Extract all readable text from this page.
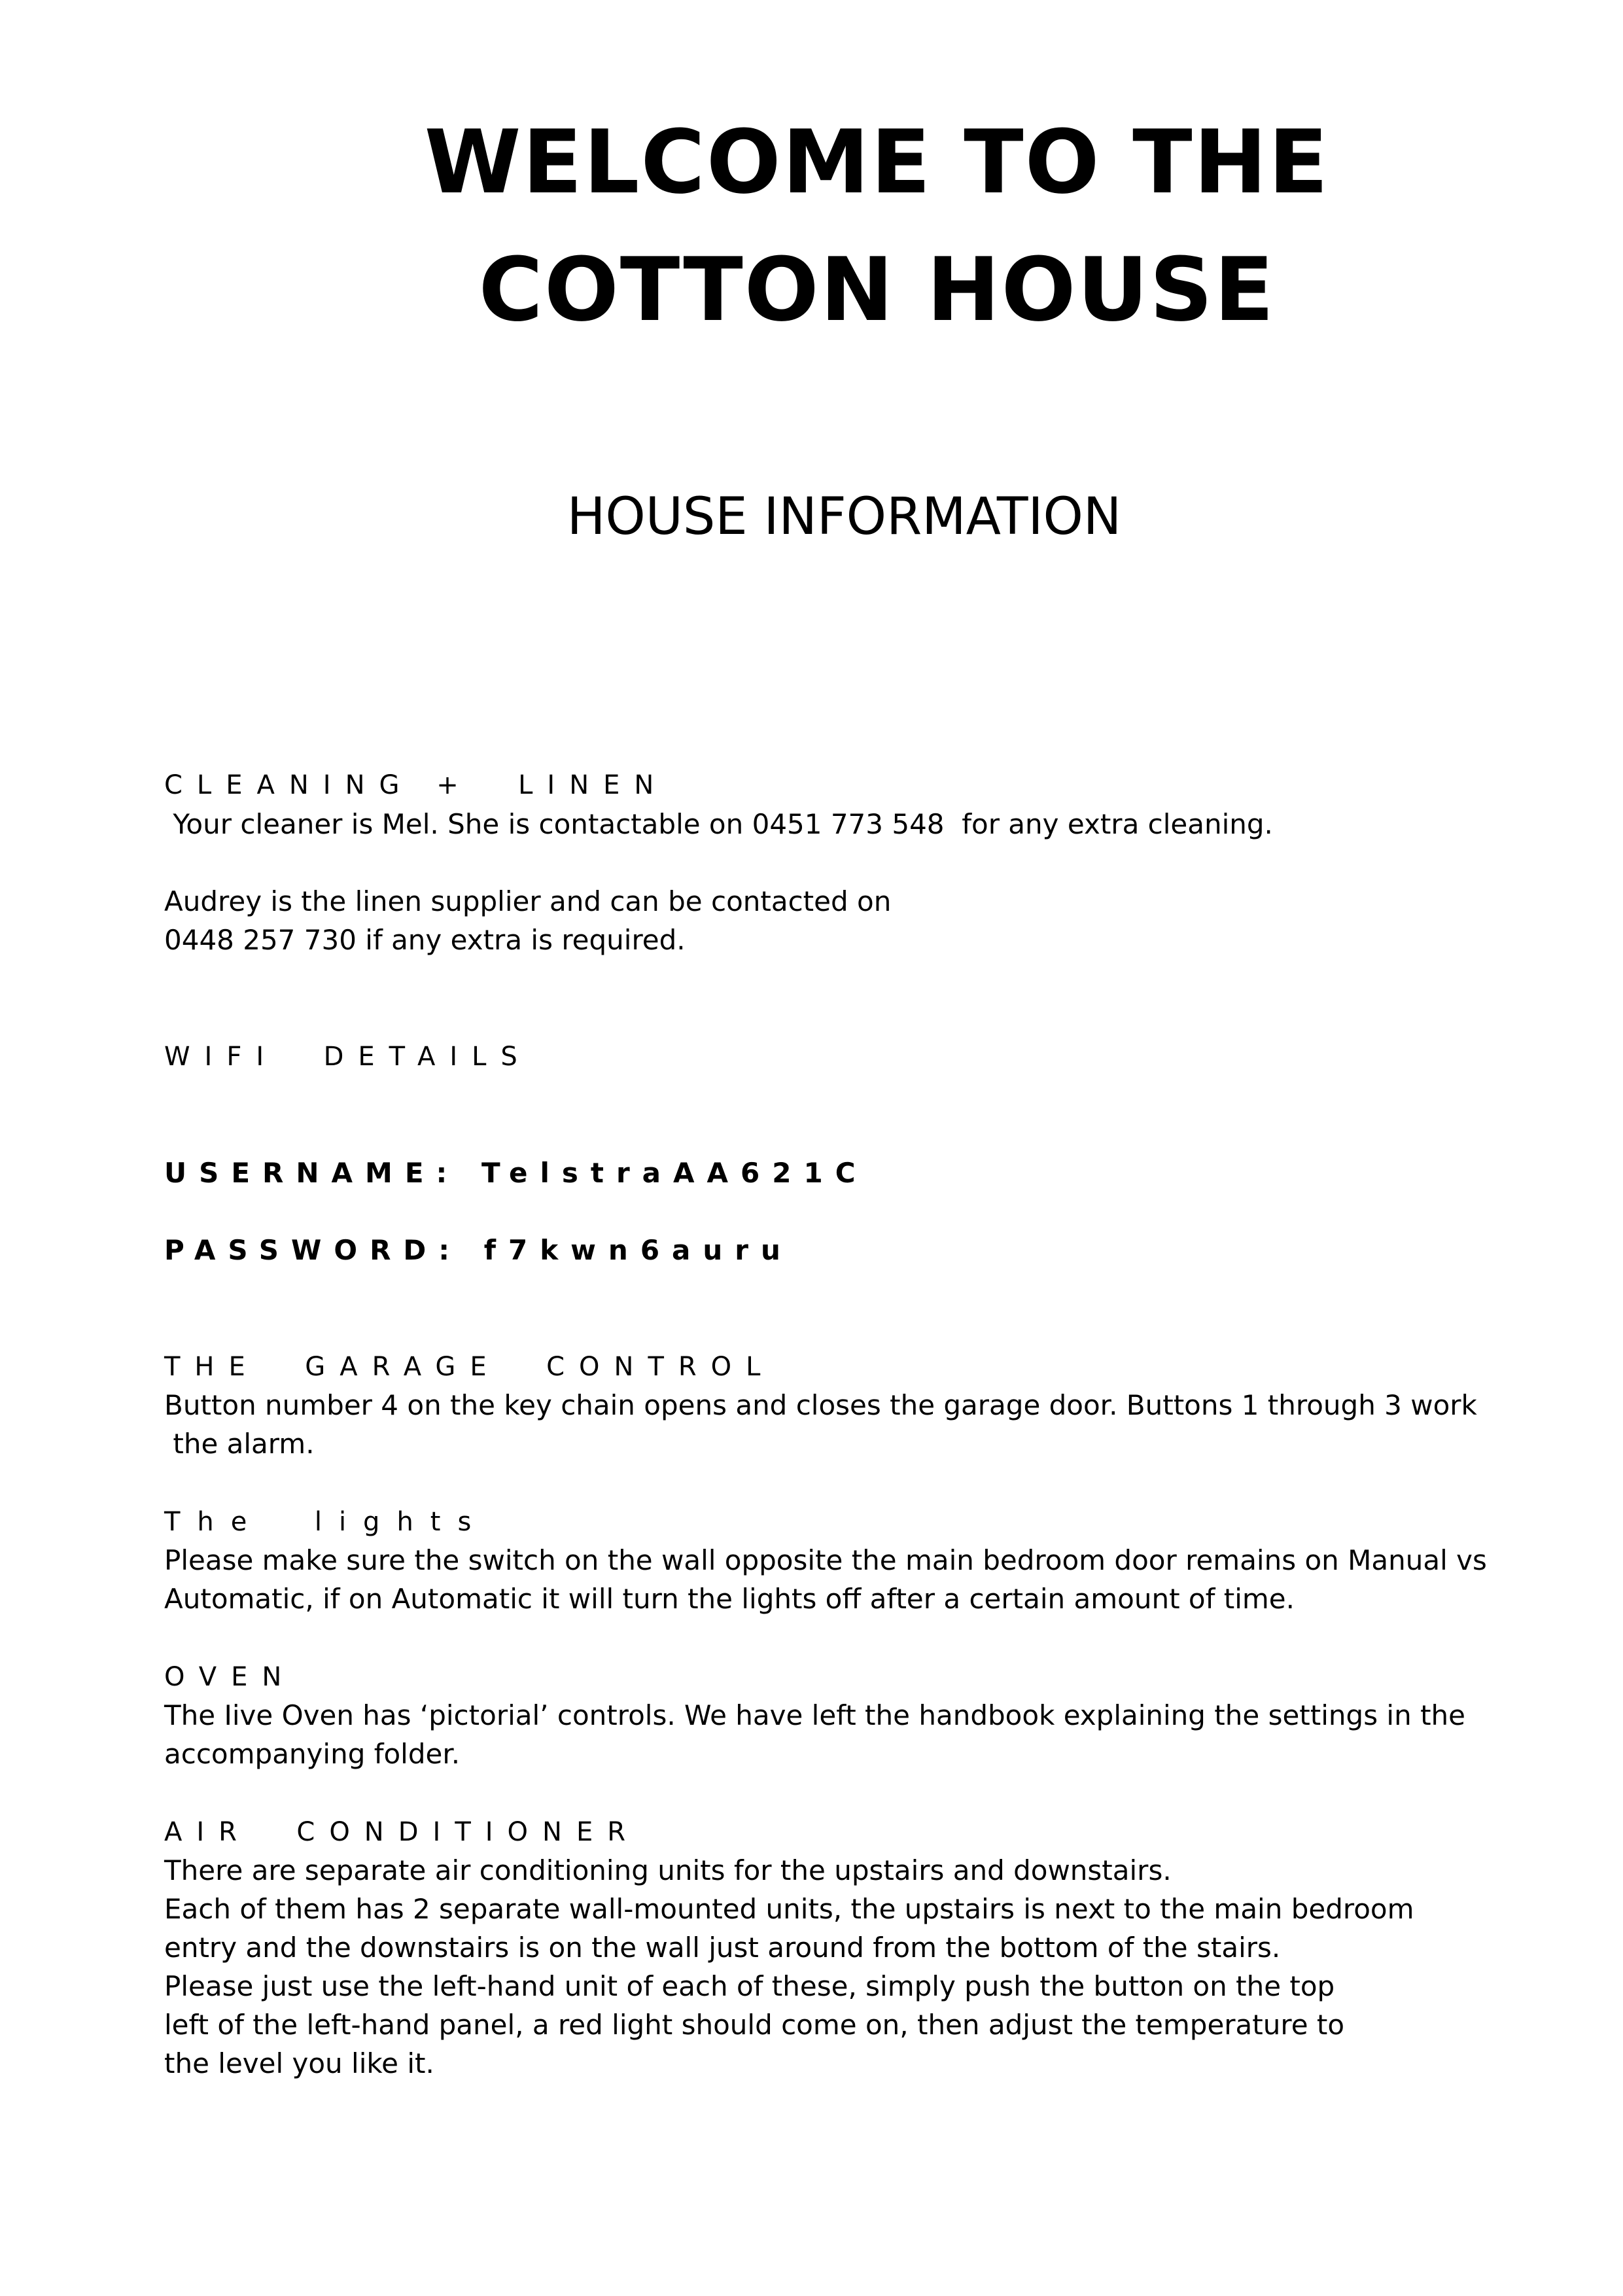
WELCOME TO THE
COTTON HOUSE
HOUSE INFORMATION
CLEANING +  LINEN
Your cleaner is Mel. She is contactable on 0451 773 548  for any extra cleaning.
Audrey is the linen supplier and can be contacted on
0448 257 730 if any extra is required.
WIFI  DETAILS
USERNAME: TelstraAA621C
PASSWORD: f7kwn6auru
THE  GARAGE  CONTROL
Button number 4 on the key chain opens and closes the garage door. Buttons 1 through 3 work
the alarm.
The  lights
Please make sure the switch on the wall opposite the main bedroom door remains on Manual vs
Automatic, if on Automatic it will turn the lights off after a certain amount of time.
OVEN
The Iive Oven has ‘pictorial’ controls. We have left the handbook explaining the settings in the
accompanying folder.
AIR  CONDITIONER
There are separate air conditioning units for the upstairs and downstairs.
Each of them has 2 separate wall-mounted units, the upstairs is next to the main bedroom
entry and the downstairs is on the wall just around from the bottom of the stairs.
Please just use the left-hand unit of each of these, simply push the button on the top
left of the left-hand panel, a red light should come on, then adjust the temperature to
the level you like it.
